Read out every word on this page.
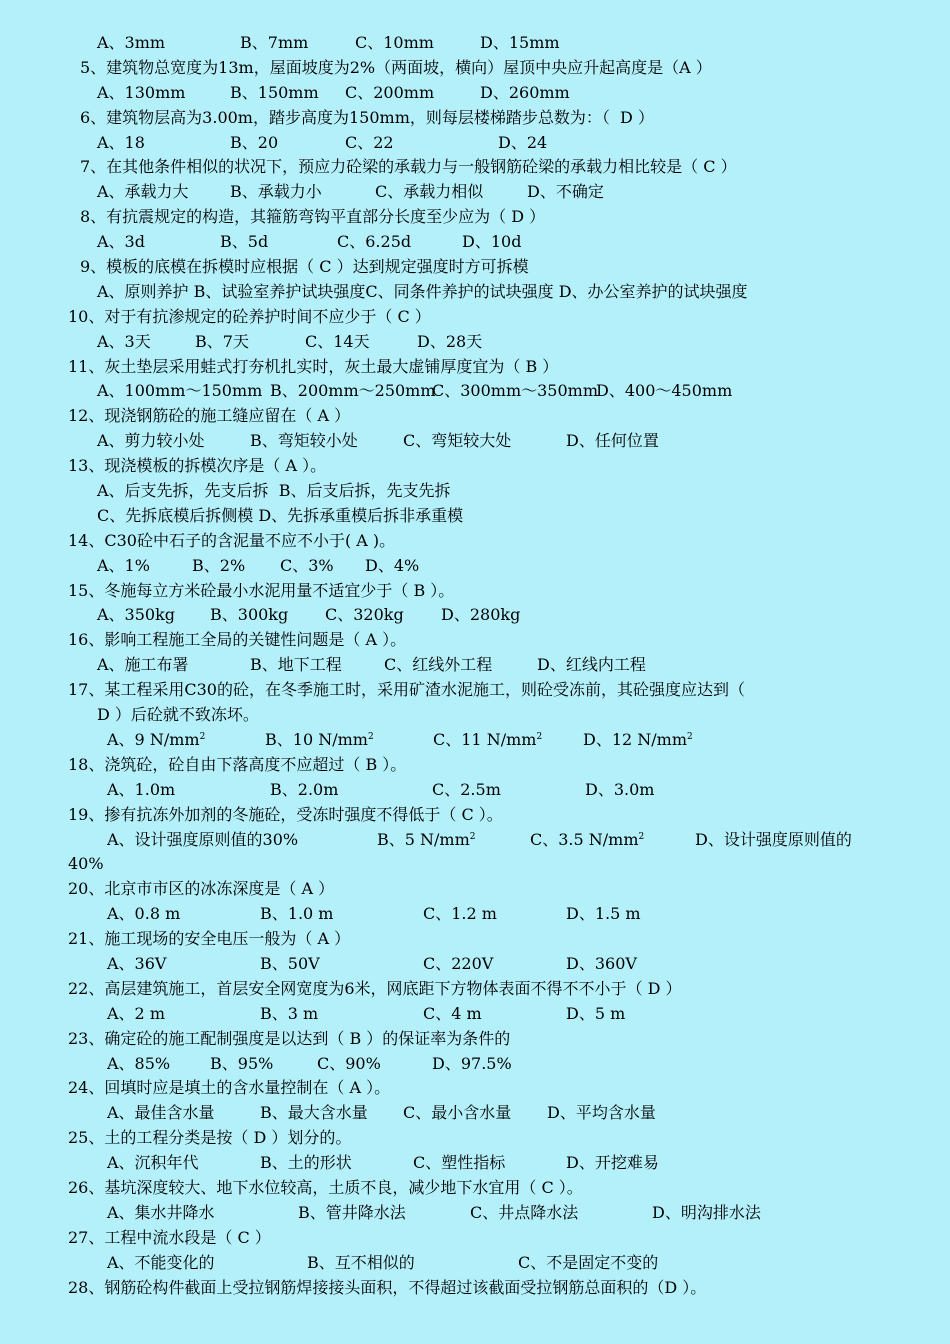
A、3mm	B、7mm	C、10mm	D、15mm
5、建筑物总宽度为13m，屋面坡度为2%（两面坡，横向）屋顶中央应升起高度是（A ）
A、130mm	B、150mm C、200mm	D、260mm
6、建筑物层高为3.00m，踏步高度为150mm，则每层楼梯踏步总数为：（  D ）
A、18	B、20	C、22	D、24
7、在其他条件相似的状况下，预应力砼梁的承载力与一般钢筋砼梁的承载力相比较是（ C ）
A、承载力大	B、承载力小	C、承载力相似	D、不确定
8、有抗震规定的构造，其箍筋弯钩平直部分长度至少应为（ D ）
A、3d	B、5d	C、6.25d	D、10d
9、模板的底模在拆模时应根据（ C ）达到规定强度时方可拆模
A、原则养护 B、试验室养护试块强度C、同条件养护的试块强度 D、办公室养护的试块强度
10、对于有抗渗规定的砼养护时间不应少于（ C ）
A、3天	B、7天	C、14天	D、28天
11、灰土垫层采用蛙式打夯机扎实时，灰土最大虚铺厚度宜为（ B ）
A、100mm～150mm B、200mm～250mm
C、300mm～350mm
D、400～450mm
12、现浇钢筋砼的施工缝应留在（ A ）
A、剪力较小处	B、弯矩较小处	C、弯矩较大处	D、任何位置
13、现浇模板的拆模次序是（ A ）。
A、后支先拆，先支后拆  B、后支后拆，先支先拆
C、先拆底模后拆侧模 D、先拆承重模后拆非承重模
14、C30砼中石子的含泥量不应不小于( A )。
A、1%	B、2% C、3% D、4%
15、冬施每立方米砼最小水泥用量不适宜少于（ B ）。
A、350kg B、300kg C、320kg D、280kg
16、影响工程施工全局的关键性问题是（ A ）。
A、施工布署	B、地下工程	C、红线外工程	D、红线内工程
17、某工程采用C30的砼，在冬季施工时，采用矿渣水泥施工，则砼受冻前，其砼强度应达到（
D ）后砼就不致冻坏。
A、9 $N/mm^2$	B、10 $N/mm^2$	C、11 $N/mm^2$	D、12 $N/mm^2$
18、浇筑砼，砼自由下落高度不应超过（ B ）。
A、1.0m	B、2.0m	C、2.5m	D、3.0m
19、掺有抗冻外加剂的冬施砼，受冻时强度不得低于（ C ）。
A、设计强度原则值的30%	B、5 $N/mm^2$	C、3.5 $N/mm^2$	D、设计强度原则值的
40%
20、北京市市区的冰冻深度是（ A ）
A、0.8 m	B、1.0 m	C、1.2 m	D、1.5 m
21、施工现场的安全电压一般为（ A ）
A、36V	B、50V	C、220V	D、360V
22、高层建筑施工，首层安全网宽度为6米，网底距下方物体表面不得不不小于（ D ）
A、2 m	B、3 m	C、4 m	D、5 m
23、确定砼的施工配制强度是以达到（ B ）的保证率为条件的
A、85% B、95%	C、90%	D、97.5%
24、回填时应是填土的含水量控制在（ A ）。
A、最佳含水量	B、最大含水量 C、最小含水量 D、平均含水量
25、土的工程分类是按（ D ）划分的。
A、沉积年代	B、土的形状	C、塑性指标	D、开挖难易
26、基坑深度较大、地下水位较高，土质不良，减少地下水宜用（ C ）。
A、集水井降水	B、管井降水法	C、井点降水法	D、明沟排水法
27、工程中流水段是（ C ）
A、不能变化的	B、互不相似的	C、不是固定不变的
28、钢筋砼构件截面上受拉钢筋焊接接头面积，不得超过该截面受拉钢筋总面积的（D ）。
